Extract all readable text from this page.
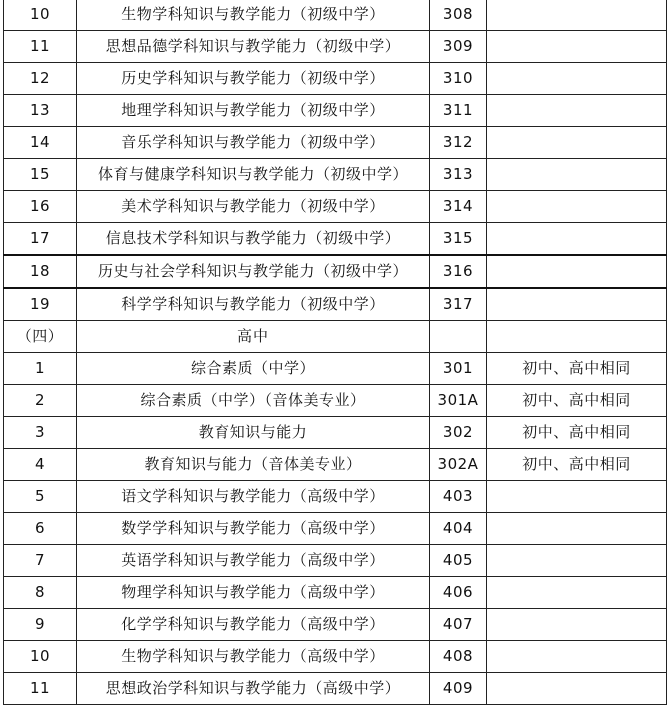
10	生物学科知识与教学能力（初级中学）	308	
11	思想品德学科知识与教学能力（初级中学）	309	
12	历史学科知识与教学能力（初级中学）	310	
13	地理学科知识与教学能力（初级中学）	311	
14	音乐学科知识与教学能力（初级中学）	312	
15	体育与健康学科知识与教学能力（初级中学）	313	
16	美术学科知识与教学能力（初级中学）	314	
17	信息技术学科知识与教学能力（初级中学）	315	
18	历史与社会学科知识与教学能力（初级中学）	316	
19	科学学科知识与教学能力（初级中学）	317	
（四）	高中		
1	综合素质（中学）	301	初中、高中相同
2	综合素质（中学）（音体美专业）	301A	初中、高中相同
3	教育知识与能力	302	初中、高中相同
4	教育知识与能力（音体美专业）	302A	初中、高中相同
5	语文学科知识与教学能力（高级中学）	403	
6	数学学科知识与教学能力（高级中学）	404	
7	英语学科知识与教学能力（高级中学）	405	
8	物理学科知识与教学能力（高级中学）	406	
9	化学学科知识与教学能力（高级中学）	407	
10	生物学科知识与教学能力（高级中学）	408	
11	思想政治学科知识与教学能力（高级中学）	409	
